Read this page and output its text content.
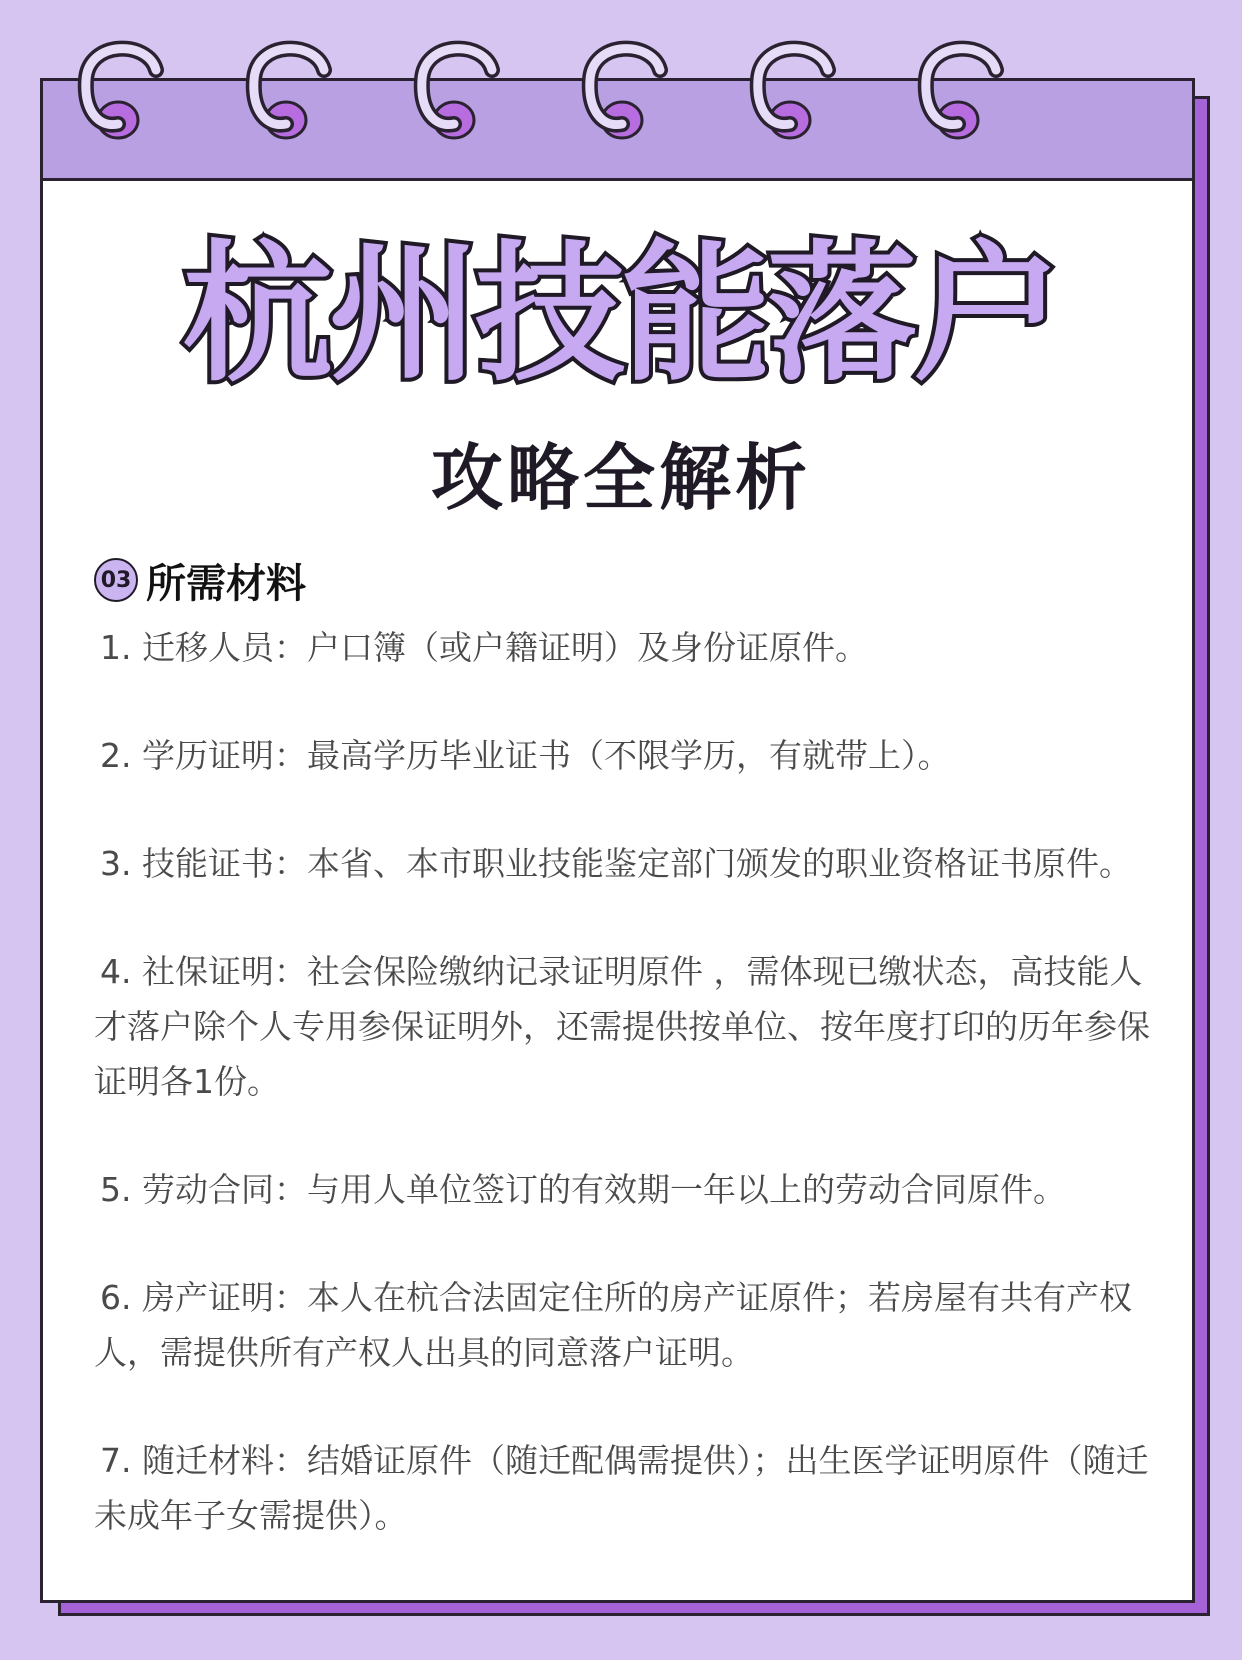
杭州技能落户
攻略全解析
03 所需材料
1. 迁移人员：户口簿（或户籍证明）及身份证原件。
2. 学历证明：最高学历毕业证书（不限学历，有就带上）。
3. 技能证书：本省、本市职业技能鉴定部门颁发的职业资格证书原件。
4. 社保证明：社会保险缴纳记录证明原件 ，需体现已缴状态，高技能人才落户除个人专用参保证明外，还需提供按单位、按年度打印的历年参保证明各1份。
5. 劳动合同：与用人单位签订的有效期一年以上的劳动合同原件。
6. 房产证明：本人在杭合法固定住所的房产证原件；若房屋有共有产权人，需提供所有产权人出具的同意落户证明。
7. 随迁材料：结婚证原件（随迁配偶需提供）；出生医学证明原件（随迁未成年子女需提供）。
